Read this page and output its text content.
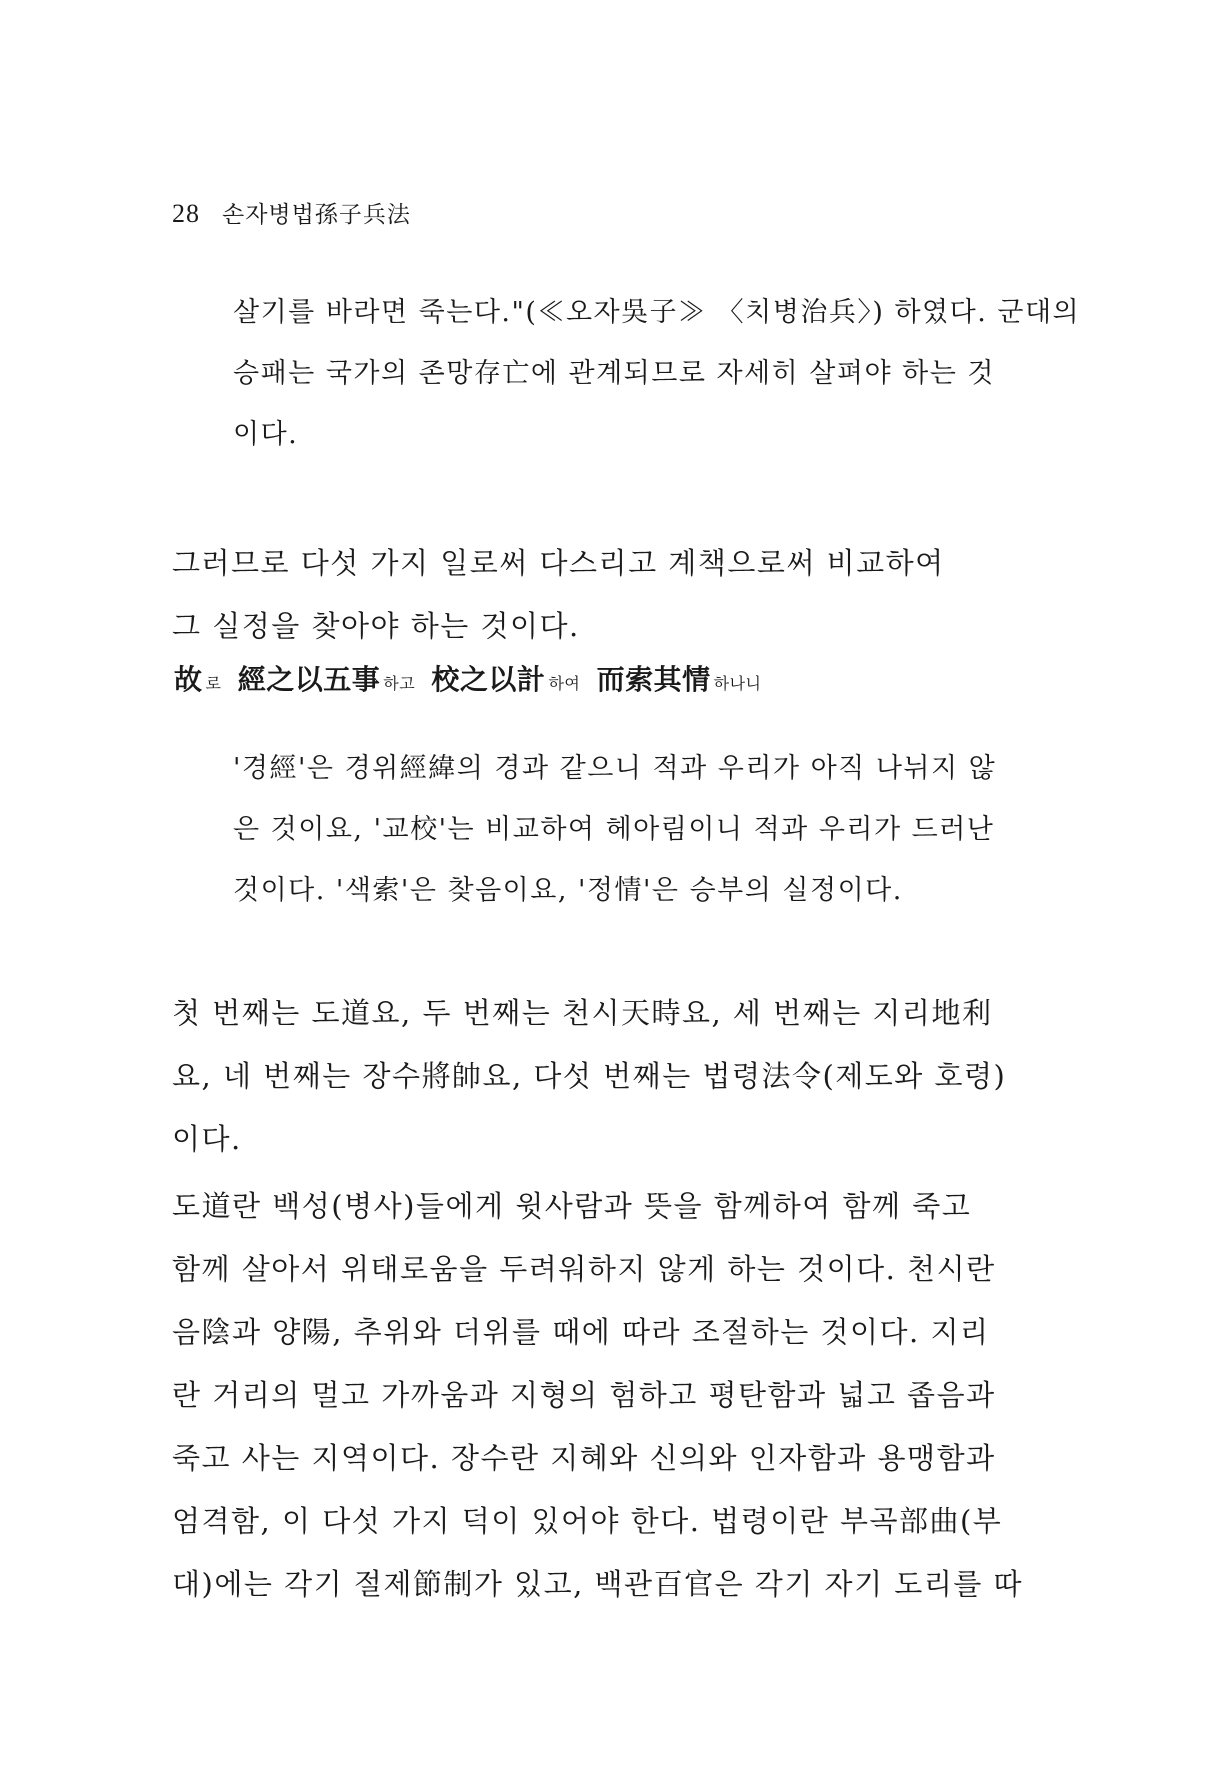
28 손자병법孫子兵法
살기를 바라면 죽는다."(≪오자吳子≫ 〈치병治兵〉) 하였다. 군대의
승패는 국가의 존망存亡에 관계되므로 자세히 살펴야 하는 것
이다.
그러므로 다섯 가지 일로써 다스리고 계책으로써 비교하여
그 실정을 찾아야 하는 것이다.
故로 經之以五事 하고 校之以計 하여 而索其情 하나니
'경經'은 경위經緯의 경과 같으니 적과 우리가 아직 나뉘지 않
은 것이요, '교校'는 비교하여 헤아림이니 적과 우리가 드러난
것이다. '색索'은 찾음이요, '정情'은 승부의 실정이다.
첫 번째는 도道요, 두 번째는 천시天時요, 세 번째는 지리地利
요, 네 번째는 장수將帥요, 다섯 번째는 법령法令(제도와 호령)
이다.
도道란 백성(병사)들에게 윗사람과 뜻을 함께하여 함께 죽고
함께 살아서 위태로움을 두려워하지 않게 하는 것이다. 천시란
음陰과 양陽, 추위와 더위를 때에 따라 조절하는 것이다. 지리
란 거리의 멀고 가까움과 지형의 험하고 평탄함과 넓고 좁음과
죽고 사는 지역이다. 장수란 지혜와 신의와 인자함과 용맹함과
엄격함, 이 다섯 가지 덕이 있어야 한다. 법령이란 부곡部曲(부
대)에는 각기 절제節制가 있고, 백관百官은 각기 자기 도리를 따
